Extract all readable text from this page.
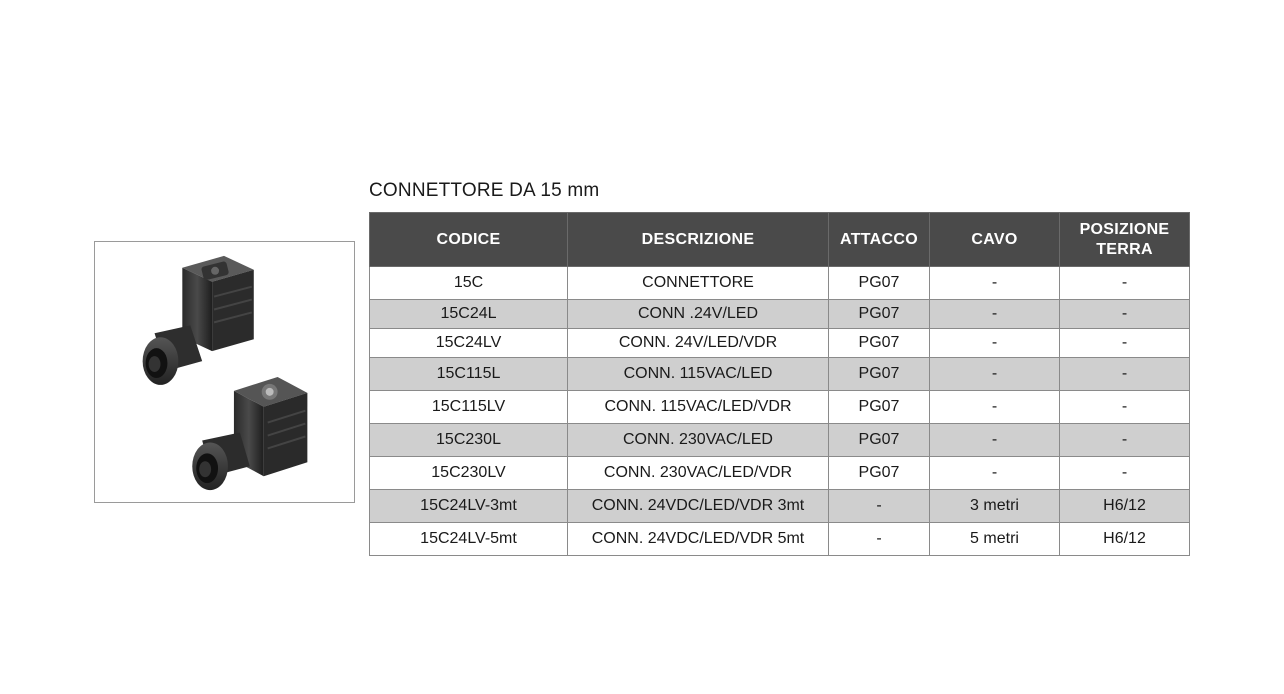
CONNETTORE DA 15 mm
CODICE	DESCRIZIONE	ATTACCO	CAVO	POSIZIONE TERRA
15C	CONNETTORE	PG07	-	-
15C24L	CONN .24V/LED	PG07	-	-
15C24LV	CONN. 24V/LED/VDR	PG07	-	-
15C115L	CONN. 115VAC/LED	PG07	-	-
15C115LV	CONN. 115VAC/LED/VDR	PG07	-	-
15C230L	CONN. 230VAC/LED	PG07	-	-
15C230LV	CONN. 230VAC/LED/VDR	PG07	-	-
15C24LV-3mt	CONN. 24VDC/LED/VDR 3mt	-	3 metri	H6/12
15C24LV-5mt	CONN. 24VDC/LED/VDR 5mt	-	5 metri	H6/12
